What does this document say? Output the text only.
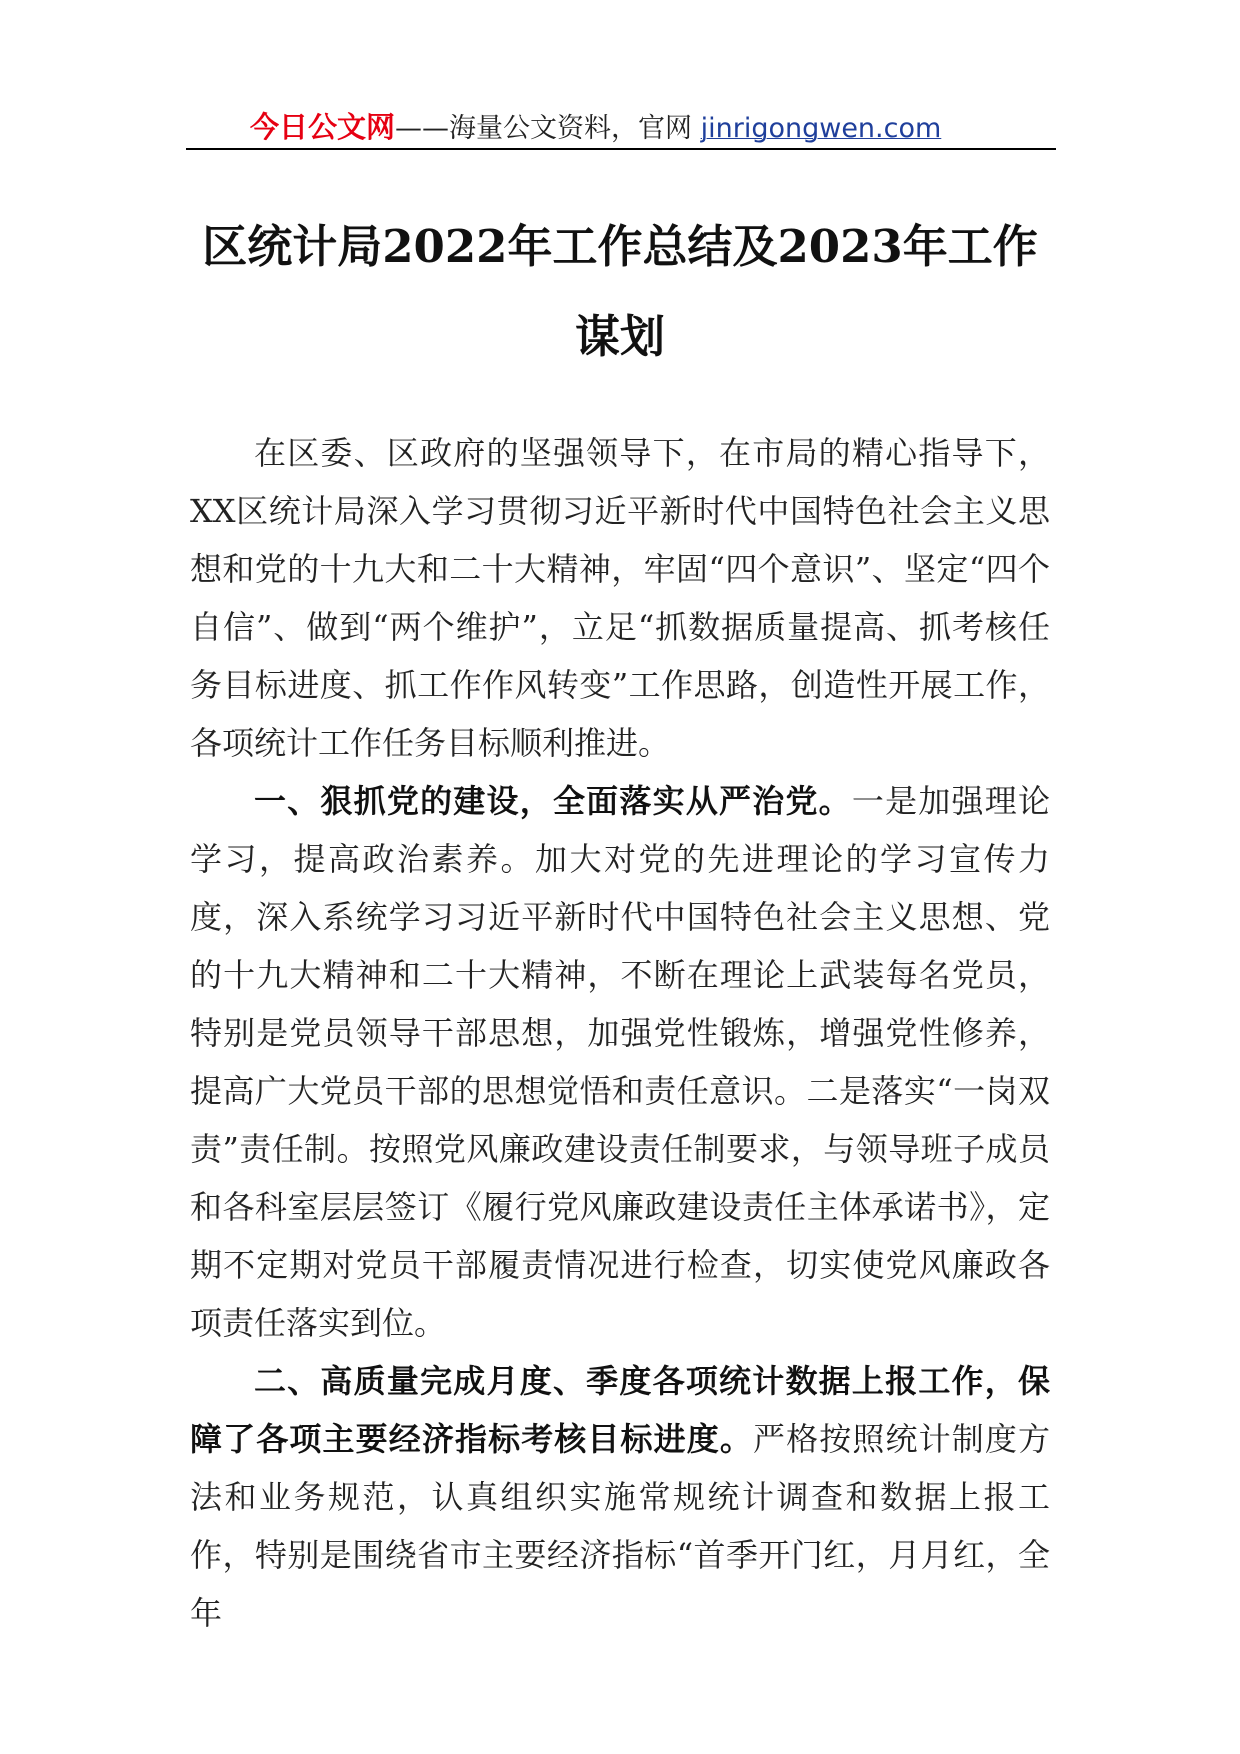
今日公文网——海量公文资料，官网 jinrigongwen.com
区统计局2022年工作总结及2023年工作
谋划

在区委、区政府的坚强领导下，在市局的精心指导下，XX区统计局深入学习贯彻习近平新时代中国特色社会主义思想和党的十九大和二十大精神，牢固“四个意识”、坚定“四个自信”、做到“两个维护”，立足“抓数据质量提高、抓考核任务目标进度、抓工作作风转变”工作思路，创造性开展工作，各项统计工作任务目标顺利推进。

一、狠抓党的建设，全面落实从严治党。一是加强理论学习，提高政治素养。加大对党的先进理论的学习宣传力度，深入系统学习习近平新时代中国特色社会主义思想、党的十九大精神和二十大精神，不断在理论上武装每名党员，特别是党员领导干部思想，加强党性锻炼，增强党性修养，提高广大党员干部的思想觉悟和责任意识。二是落实“一岗双责”责任制。按照党风廉政建设责任制要求，与领导班子成员和各科室层层签订《履行党风廉政建设责任主体承诺书》，定期不定期对党员干部履责情况进行检查，切实使党风廉政各项责任落实到位。

二、高质量完成月度、季度各项统计数据上报工作，保障了各项主要经济指标考核目标进度。严格按照统计制度方法和业务规范，认真组织实施常规统计调查和数据上报工作，特别是围绕省市主要经济指标“首季开门红，月月红，全年
